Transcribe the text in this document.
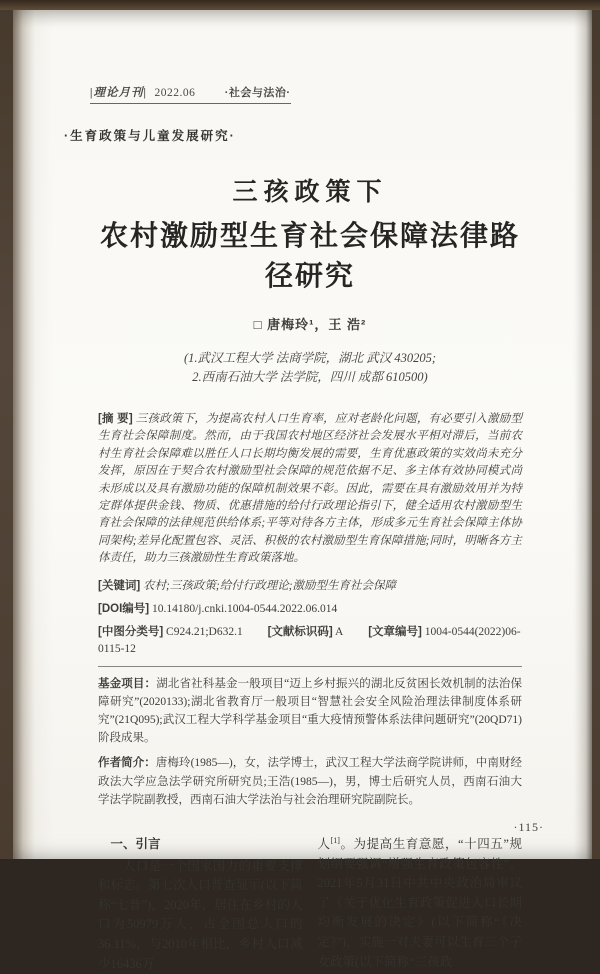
|理论月刊| 2022.06	·社会与法治·
·生育政策与儿童发展研究·
三孩政策下
农村激励型生育社会保障法律路径研究
□ 唐梅玲¹，王 浩²
(1.武汉工程大学 法商学院，湖北 武汉 430205;
2.西南石油大学 法学院，四川 成都 610500)
[摘 要] 三孩政策下，为提高农村人口生育率，应对老龄化问题，有必要引入激励型生育社会保障制度。然而，由于我国农村地区经济社会发展水平相对滞后，当前农村生育社会保障难以胜任人口长期均衡发展的需要，生育优惠政策的实效尚未充分发挥，原因在于契合农村激励型社会保障的规范依据不足、多主体有效协同模式尚未形成以及具有激励功能的保障机制效果不彰。因此，需要在具有激励效用并为特定群体提供金钱、物质、优惠措施的给付行政理论指引下，健全适用农村激励型生育社会保障的法律规范供给体系;平等对待各方主体，形成多元生育社会保障主体协同架构;差异化配置包容、灵活、积极的农村激励型生育保障措施;同时，明晰各方主体责任，助力三孩激励性生育政策落地。
[关键词] 农村;三孩政策;给付行政理论;激励型生育社会保障
[DOI编号] 10.14180/j.cnki.1004-0544.2022.06.014
[中图分类号] C924.21;D632.1 [文献标识码] A [文章编号] 1004-0544(2022)06-0115-12
基金项目：湖北省社科基金一般项目“迈上乡村振兴的湖北反贫困长效机制的法治保障研究”(2020133);湖北省教育厅一般项目“智慧社会安全风险治理法律制度体系研究”(21Q095);武汉工程大学科学基金项目“重大疫情预警体系法律问题研究”(20QD71)阶段成果。
作者简介：唐梅玲(1985—)，女，法学博士，武汉工程大学法商学院讲师，中南财经政法大学应急法学研究所研究员;王浩(1985—)，男，博士后研究人员，西南石油大学法学院副教授，西南石油大学法治与社会治理研究院副院长。
一、引言
人口是一个国家国力的重要支撑和标志。第七次人口普查显示(以下简称“七普”)，2020年，居住在乡村的人口为50979万人，占全国总人口的36.11%，与2010年相比，乡村人口减少16436万
人[1]。为提高生育意愿，“十四五”规划纲要强调“增强生育政策包容性”。2021年5月31日中共中央政治局审议了《关于优化生育政策促进人口长期均衡发展的决定》(以下简称“《决定》”)，实施一对夫妻可以生育三个子女政策(以下简称“三孩政
·115·
